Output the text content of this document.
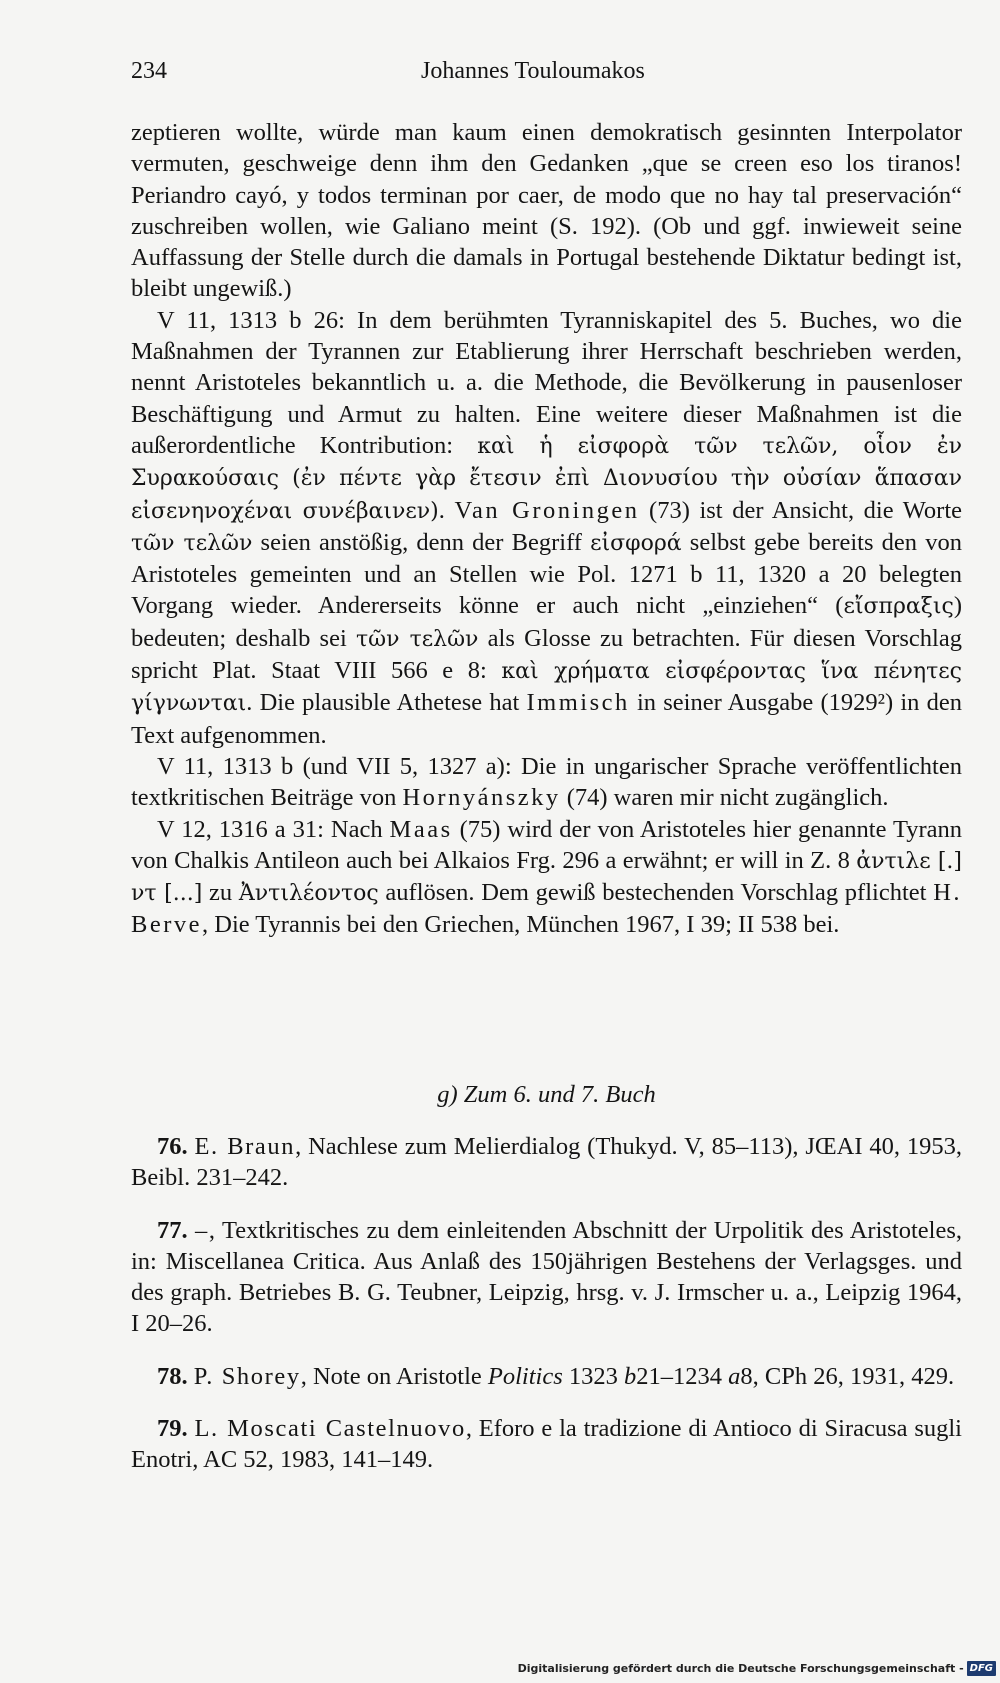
234	Johannes Touloumakos

zeptieren wollte, würde man kaum einen demokratisch gesinnten Interpolator vermuten, geschweige denn ihm den Gedanken „que se creen eso los tiranos! Periandro cayó, y todos terminan por caer, de modo que no hay tal preservación“ zuschreiben wollen, wie Galiano meint (S. 192). (Ob und ggf. inwieweit seine Auffassung der Stelle durch die damals in Portugal bestehende Diktatur bedingt ist, bleibt ungewiß.)

V 11, 1313 b 26: In dem berühmten Tyranniskapitel des 5. Buches, wo die Maßnahmen der Tyrannen zur Etablierung ihrer Herrschaft beschrieben werden, nennt Aristoteles bekanntlich u. a. die Methode, die Bevölkerung in pausenloser Beschäftigung und Armut zu halten. Eine weitere dieser Maßnahmen ist die außerordentliche Kontribution: καὶ ἡ εἰσφορὰ τῶν τελῶν, οἷον ἐν Συρακούσαις (ἐν πέντε γὰρ ἔτεσιν ἐπὶ Διονυσίου τὴν οὐσίαν ἅπασαν εἰσενηνοχέναι συνέβαινεν). Van Groningen (73) ist der Ansicht, die Worte τῶν τελῶν seien anstößig, denn der Begriff εἰσφορά selbst gebe bereits den von Aristoteles gemeinten und an Stellen wie Pol. 1271 b 11, 1320 a 20 belegten Vorgang wieder. Andererseits könne er auch nicht „einziehen“ (εἴσπραξις) bedeuten; deshalb sei τῶν τελῶν als Glosse zu betrachten. Für diesen Vorschlag spricht Plat. Staat VIII 566 e 8: καὶ χρήματα εἰσφέροντας ἵνα πένητες γίγνωνται. Die plausible Athetese hat Immisch in seiner Ausgabe (1929²) in den Text aufgenommen.

V 11, 1313 b (und VII 5, 1327 a): Die in ungarischer Sprache veröffentlichten textkritischen Beiträge von Hornyánszky (74) waren mir nicht zugänglich.

V 12, 1316 a 31: Nach Maas (75) wird der von Aristoteles hier genannte Tyrann von Chalkis Antileon auch bei Alkaios Frg. 296 a erwähnt; er will in Z. 8 ἀντιλε [.] ντ [...] zu Ἀντιλέοντος auflösen. Dem gewiß bestechenden Vorschlag pflichtet H. Berve, Die Tyrannis bei den Griechen, München 1967, I 39; II 538 bei.

g) Zum 6. und 7. Buch

76. E. Braun, Nachlese zum Melierdialog (Thukyd. V, 85–113), JŒAI 40, 1953, Beibl. 231–242.

77. –, Textkritisches zu dem einleitenden Abschnitt der Urpolitik des Aristoteles, in: Miscellanea Critica. Aus Anlaß des 150jährigen Bestehens der Verlagsges. und des graph. Betriebes B. G. Teubner, Leipzig, hrsg. v. J. Irmscher u. a., Leipzig 1964, I 20–26.

78. P. Shorey, Note on Aristotle Politics 1323 b21–1234 a8, CPh 26, 1931, 429.

79. L. Moscati Castelnuovo, Eforo e la tradizione di Antioco di Siracusa sugli Enotri, AC 52, 1983, 141–149.

Digitalisierung gefördert durch die Deutsche Forschungsgemeinschaft - DFG
